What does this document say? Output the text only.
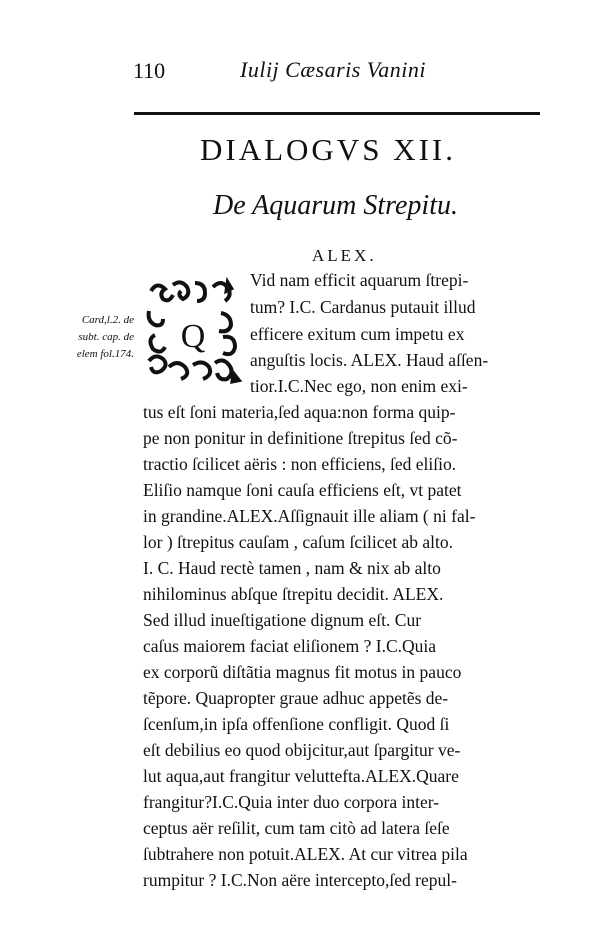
110	Iulij Cæsaris Vanini
DIALOGVS XII.
De Aquarum Strepitu.
ALEX.
Card,l.2. de
subt. cap. de
elem fol.174. Q
Vid nam efficit aquarum ſtrepi-
tum? I.C. Cardanus putauit illud
efficere exitum cum impetu ex
anguſtis locis. ALEX. Haud aſſen-
tior.I.C.Nec ego, non enim exi-
tus eſt ſoni materia,ſed aqua:non forma quip-
pe non ponitur in definitione ſtrepitus ſed cõ-
tractio ſcilicet aëris : non efficiens, ſed eliſio.
Eliſio namque ſoni cauſa efficiens eſt, vt patet
in grandine.ALEX.Aſſignauit ille aliam ( ni fal-
lor ) ſtrepitus cauſam , caſum ſcilicet ab alto.
I. C. Haud rectè tamen , nam & nix ab alto
nihilominus abſque ſtrepitu decidit. ALEX.
Sed illud inueſtigatione dignum eſt. Cur
caſus maiorem faciat eliſionem ? I.C.Quia
ex corporũ diſtãtia magnus fit motus in pauco
tẽpore. Quapropter graue adhuc appetẽs de-
ſcenſum,in ipſa offenſione confligit. Quod ſi
eſt debilius eo quod obijcitur,aut ſpargitur ve-
lut aqua,aut frangitur veluttefta.ALEX.Quare
frangitur?I.C.Quia inter duo corpora inter-
ceptus aër reſilit, cum tam citò ad latera ſeſe
ſubtrahere non potuit.ALEX. At cur vitrea pila
rumpitur ? I.C.Non aëre intercepto,ſed repul-
